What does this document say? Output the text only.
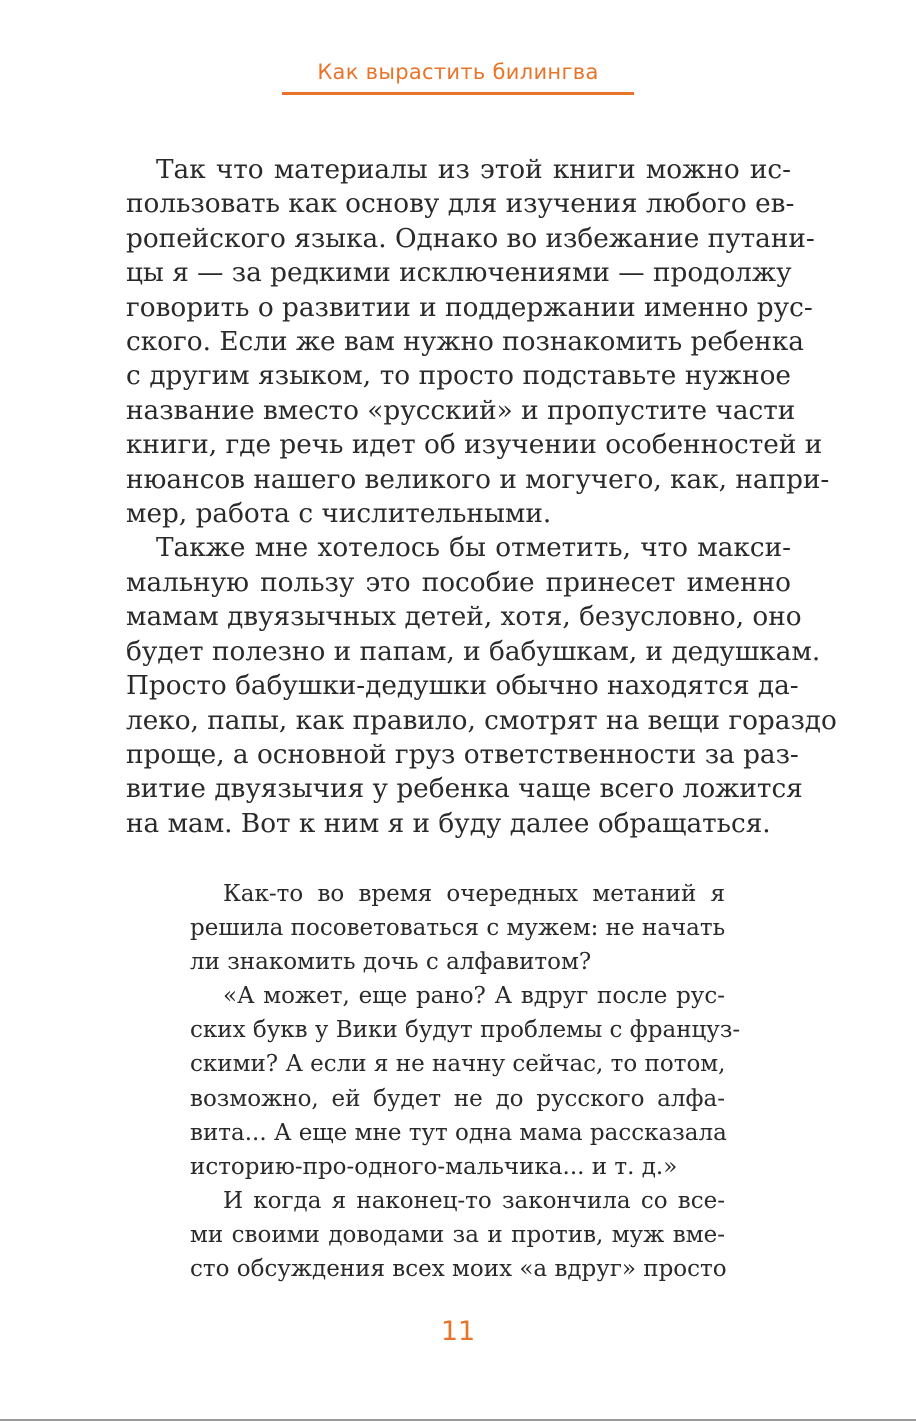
Как вырастить билингва
Так что материалы из этой книги можно ис-
пользовать как основу для изучения любого ев-
ропейского языка. Однако во избежание путани-
цы я — за редкими исключениями — продолжу
говорить о развитии и поддержании именно рус-
ского. Если же вам нужно познакомить ребенка
с другим языком, то просто подставьте нужное
название вместо «русский» и пропустите части
книги, где речь идет об изучении особенностей и
нюансов нашего великого и могучего, как, напри-
мер, работа с числительными.
Также мне хотелось бы отметить, что макси-
мальную пользу это пособие принесет именно
мамам двуязычных детей, хотя, безусловно, оно
будет полезно и папам, и бабушкам, и дедушкам.
Просто бабушки-дедушки обычно находятся да-
леко, папы, как правило, смотрят на вещи гораздо
проще, а основной груз ответственности за раз-
витие двуязычия у ребенка чаще всего ложится
на мам. Вот к ним я и буду далее обращаться.
Как-то во время очередных метаний я
решила посоветоваться с мужем: не начать
ли знакомить дочь с алфавитом?
«А может, еще рано? А вдруг после рус-
ских букв у Вики будут проблемы с француз-
скими? А если я не начну сейчас, то потом,
возможно, ей будет не до русского алфа-
вита... А еще мне тут одна мама рассказала
историю-про-одного-мальчика... и т. д.»
И когда я наконец-то закончила со все-
ми своими доводами за и против, муж вме-
сто обсуждения всех моих «а вдруг» просто
11
